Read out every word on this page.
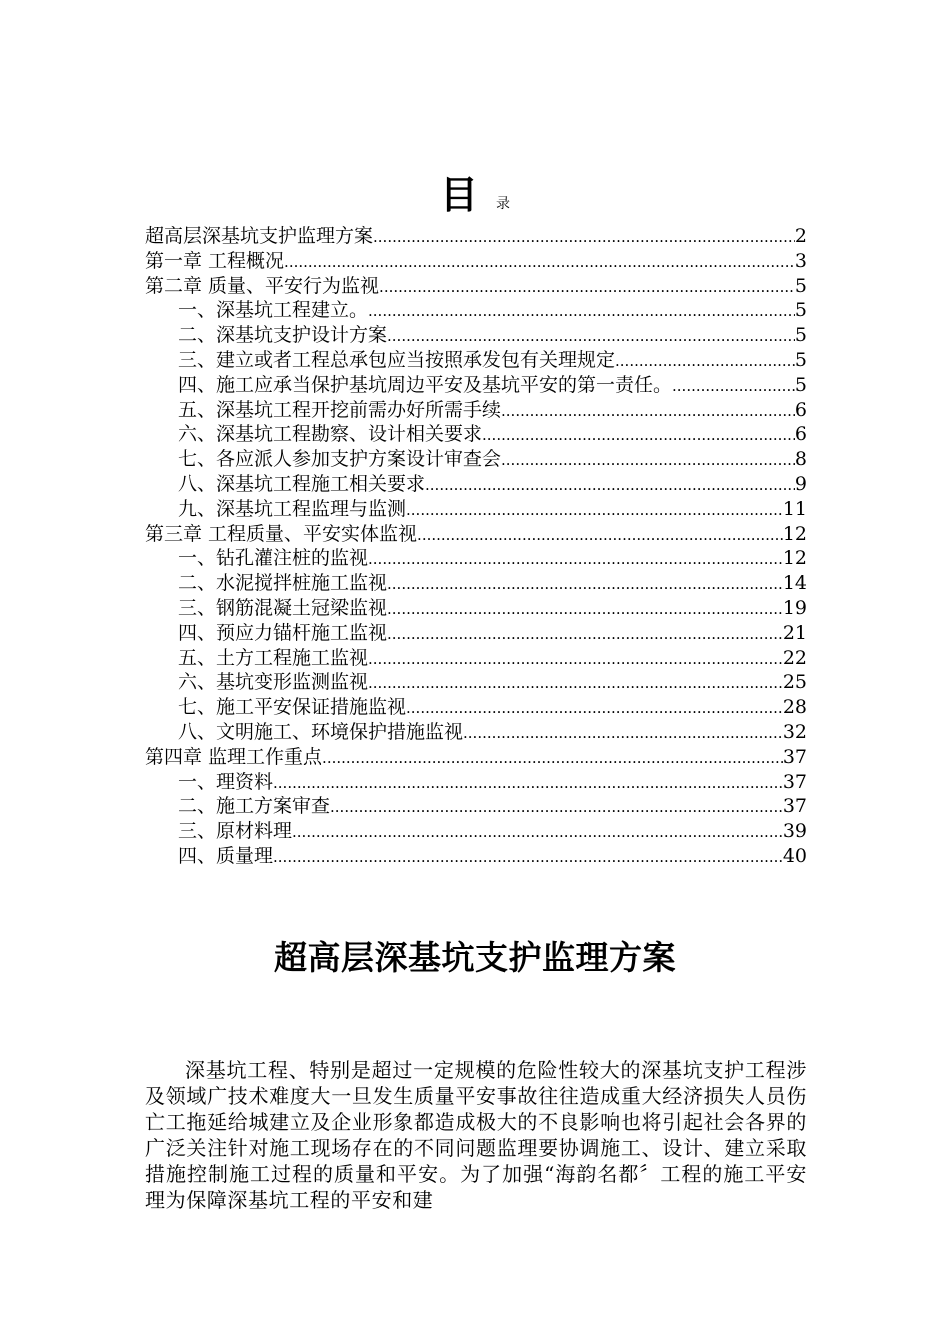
目 录
超高层深基坑支护监理方案 .....	2
第一章 工程概况 .....	3
第二章 质量、平安行为监视 .....	5
一、深基坑工程建立。 .....	5
二、深基坑支护设计方案 .....	5
三、建立或者工程总承包应当按照承发包有关理规定 .....	5
四、施工应承当保护基坑周边平安及基坑平安的第一责任。 .....	5
五、深基坑工程开挖前需办好所需手续 .....	6
六、深基坑工程勘察、设计相关要求 .....	6
七、各应派人参加支护方案设计审查会 .....	8
八、深基坑工程施工相关要求 .....	9
九、深基坑工程监理与监测 .....	11
第三章 工程质量、平安实体监视 .....	12
一、钻孔灌注桩的监视 .....	12
二、水泥搅拌桩施工监视 .....	14
三、钢筋混凝土冠梁监视 .....	19
四、预应力锚杆施工监视 .....	21
五、土方工程施工监视 .....	22
六、基坑变形监测监视 .....	25
七、施工平安保证措施监视 .....	28
八、文明施工、环境保护措施监视 .....	32
第四章 监理工作重点 .....	37
一、理资料 .....	37
二、施工方案审查 .....	37
三、原材料理 .....	39
四、质量理 .....	40
超高层深基坑支护监理方案
深基坑工程、特别是超过一定规模的危险性较大的深基坑支护工程涉及领域广技术难度大一旦发生质量平安事故往往造成重大经济损失人员伤亡工拖延给城建立及企业形象都造成极大的不良影响也将引起社会各界的广泛关注针对施工现场存在的不同问题监理要协调施工、设计、建立采取措施控制施工过程的质量和平安。为了加强“海韵名都〞工程的施工平安理为保障深基坑工程的平安和建
